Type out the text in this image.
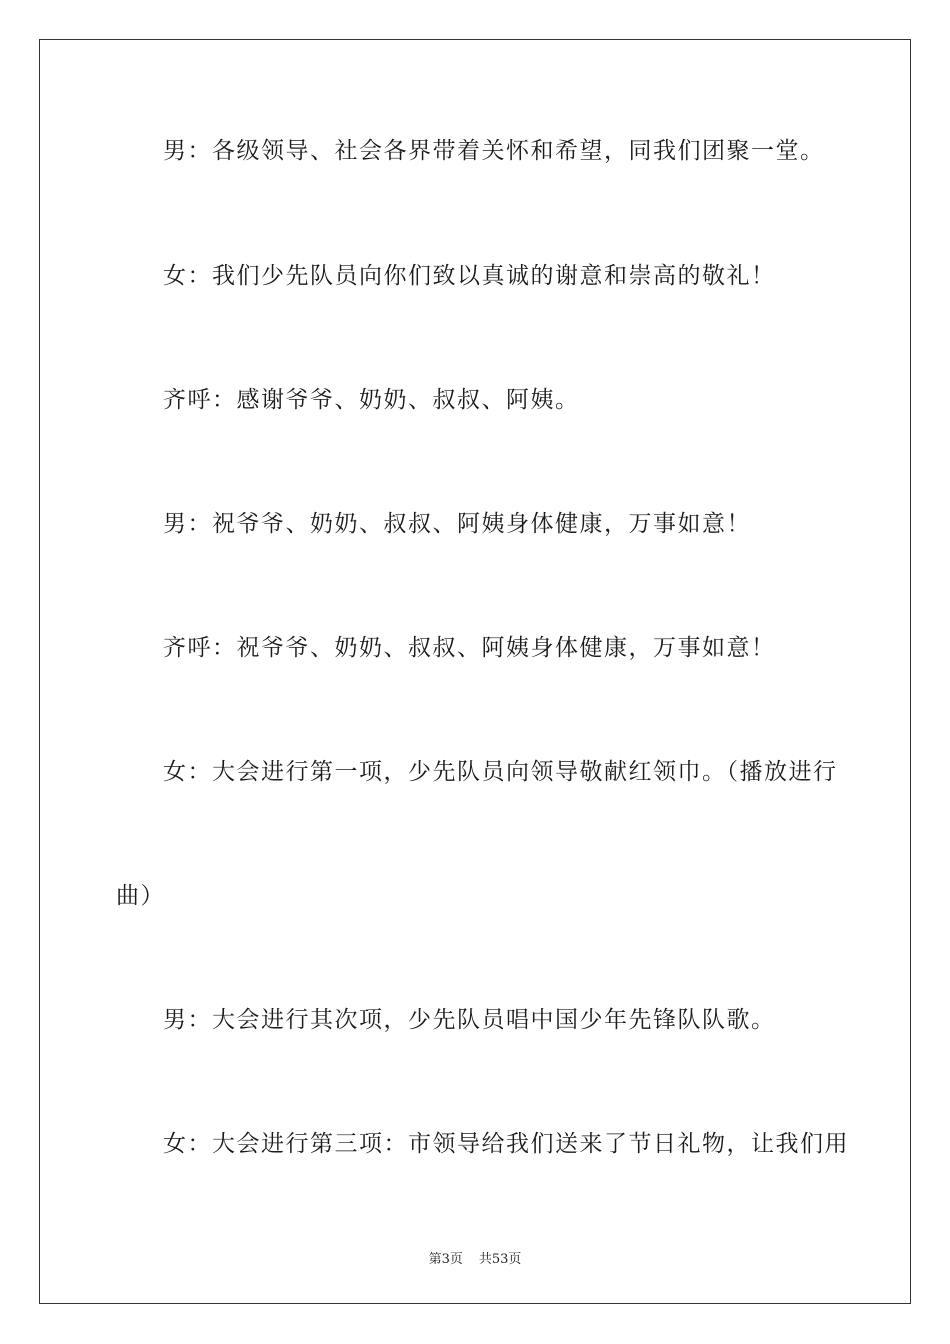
男：各级领导、社会各界带着关怀和希望，同我们团聚一堂。
女：我们少先队员向你们致以真诚的谢意和崇高的敬礼！
齐呼：感谢爷爷、奶奶、叔叔、阿姨。
男：祝爷爷、奶奶、叔叔、阿姨身体健康，万事如意！
齐呼：祝爷爷、奶奶、叔叔、阿姨身体健康，万事如意！
女：大会进行第一项，少先队员向领导敬献红领巾。（播放进行
曲）
男：大会进行其次项，少先队员唱中国少年先锋队队歌。
女：大会进行第三项：市领导给我们送来了节日礼物，让我们用
第3页 共53页
